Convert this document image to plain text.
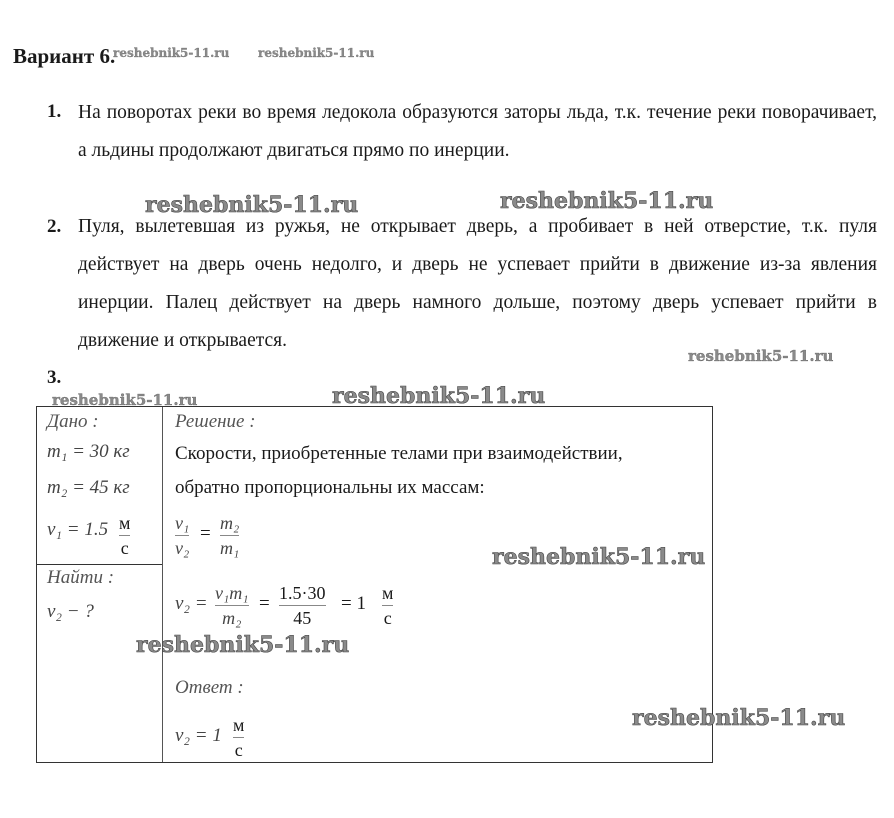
Вариант 6.
1. На поворотах реки во время ледокола образуются заторы льда, т.к. течение реки поворачивает, а льдины продолжают двигаться прямо по инерции.
2. Пуля, вылетевшая из ружья, не открывает дверь, а пробивает в ней отверстие, т.к. пуля действует на дверь очень недолго, и дверь не успевает прийти в движение из-за явления инерции. Палец действует на дверь намного дольше, поэтому дверь успевает прийти в движение и открывается.
3.
Дано :
m₁ = 30 кг
m₂ = 45 кг
v₁ = 1.5 м
с
Найти :
v₂ − ?
Решение :
Скорости, приобретенные телами при взаимодействии,
обратно пропорциональны их массам:
v₁
v₂
= m₂
m₁
v₂ = v₁m₁
m₂
= 1.5·30
45
= 1 м
с
Ответ :
v₂ = 1 м
с
reshebnik5-11.ru reshebnik5-11.ru
reshebnik5-11.ru	reshebnik5-11.ru
reshebnik5-11.ru
reshebnik5-11.ru	reshebnik5-11.ru
reshebnik5-11.ru
reshebnik5-11.ru
reshebnik5-11.ru
